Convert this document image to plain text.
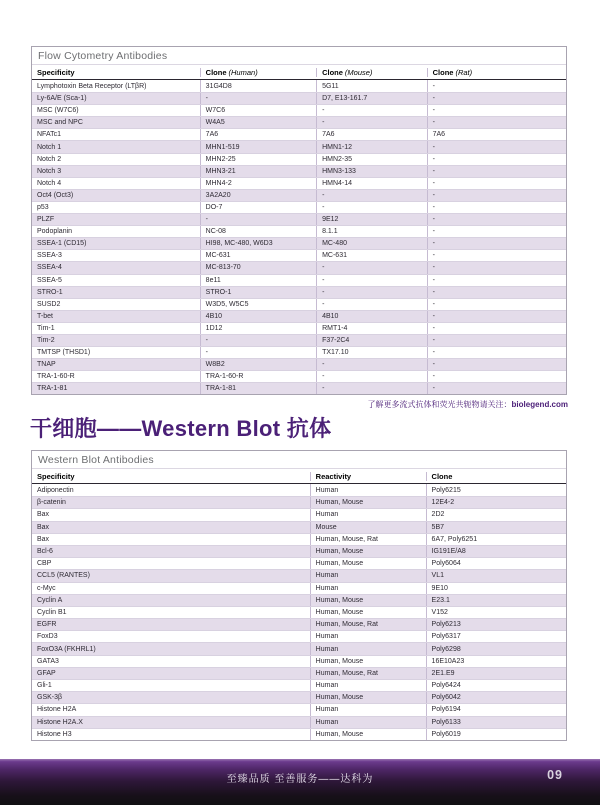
Flow Cytometry Antibodies
Specificity	Clone (Human)	Clone (Mouse)	Clone (Rat)
Lymphotoxin Beta Receptor (LTβR)	31G4D8	5G11	-
Ly-6A/E (Sca-1)	-	D7, E13-161.7	-
MSC (W7C6)	W7C6	-	-
MSC and NPC	W4A5	-	-
NFATc1	7A6	7A6	7A6
Notch 1	MHN1-519	HMN1-12	-
Notch 2	MHN2-25	HMN2-35	-
Notch 3	MHN3-21	HMN3-133	-
Notch 4	MHN4-2	HMN4-14	-
Oct4 (Oct3)	3A2A20	-	-
p53	DO-7	-	-
PLZF	-	9E12	-
Podoplanin	NC-08	8.1.1	-
SSEA-1 (CD15)	HI98, MC-480, W6D3	MC-480	-
SSEA-3	MC-631	MC-631	-
SSEA-4	MC-813-70	-	-
SSEA-5	8e11	-	-
STRO-1	STRO-1	-	-
SUSD2	W3D5, W5C5	-	-
T-bet	4B10	4B10	-
Tim-1	1D12	RMT1-4	-
Tim-2	-	F37-2C4	-
TMTSP (THSD1)	-	TX17.10	-
TNAP	W8B2	-	-
TRA-1-60-R	TRA-1-60-R	-	-
TRA-1-81	TRA-1-81	-	-
了解更多流式抗体和荧光共轭物请关注：biolegend.com
干细胞——Western Blot 抗体
Western Blot Antibodies
Specificity	Reactivity	Clone
Adiponectin	Human	Poly6215
β-catenin	Human, Mouse	12E4-2
Bax	Human	2D2
Bax	Mouse	5B7
Bax	Human, Mouse, Rat	6A7, Poly6251
Bcl-6	Human, Mouse	IG191E/A8
CBP	Human, Mouse	Poly6064
CCL5 (RANTES)	Human	VL1
c-Myc	Human	9E10
Cyclin A	Human, Mouse	E23.1
Cyclin B1	Human, Mouse	V152
EGFR	Human, Mouse, Rat	Poly6213
FoxD3	Human	Poly6317
FoxO3A (FKHRL1)	Human	Poly6298
GATA3	Human, Mouse	16E10A23
GFAP	Human, Mouse, Rat	2E1.E9
Gli-1	Human	Poly6424
GSK-3β	Human, Mouse	Poly6042
Histone H2A	Human	Poly6194
Histone H2A.X	Human	Poly6133
Histone H3	Human, Mouse	Poly6019
至臻品质 至善服务——达科为	09
